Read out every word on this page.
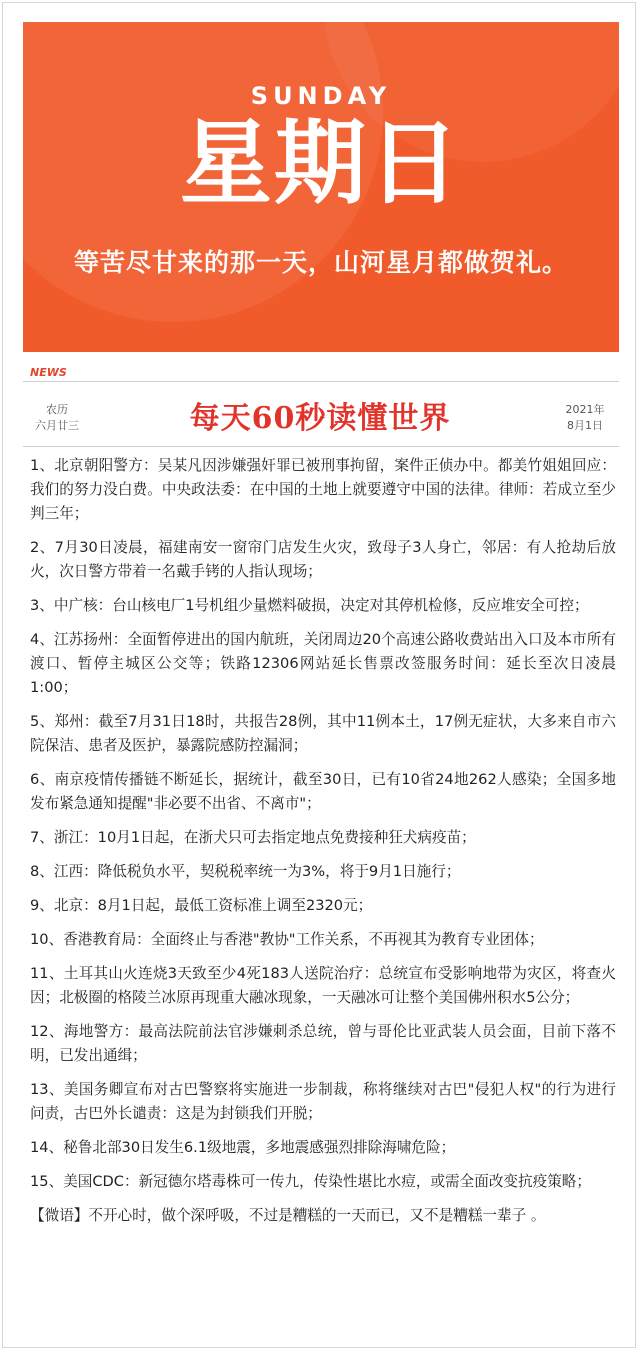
SUNDAY
星期日
等苦尽甘来的那一天，山河星月都做贺礼。
NEWS
农历
六月廿三	每天60秒读懂世界	2021年
8月1日

1、北京朝阳警方：吴某凡因涉嫌强奸罪已被刑事拘留，案件正侦办中。都美竹姐姐回应：我们的努力没白费。中央政法委：在中国的土地上就要遵守中国的法律。律师：若成立至少判三年；

2、7月30日凌晨，福建南安一窗帘门店发生火灾，致母子3人身亡，邻居：有人抢劫后放火，次日警方带着一名戴手铐的人指认现场；

3、中广核：台山核电厂1号机组少量燃料破损，决定对其停机检修，反应堆安全可控；

4、江苏扬州：全面暂停进出的国内航班，关闭周边20个高速公路收费站出入口及本市所有渡口、暂停主城区公交等；铁路12306网站延长售票改签服务时间：延长至次日凌晨1:00；

5、郑州：截至7月31日18时，共报告28例，其中11例本土，17例无症状，大多来自市六院保洁、患者及医护，暴露院感防控漏洞；

6、南京疫情传播链不断延长，据统计，截至30日，已有10省24地262人感染；全国多地发布紧急通知提醒"非必要不出省、不离市"；

7、浙江：10月1日起，在浙犬只可去指定地点免费接种狂犬病疫苗；

8、江西：降低税负水平，契税税率统一为3%，将于9月1日施行；

9、北京：8月1日起，最低工资标准上调至2320元；

10、香港教育局：全面终止与香港"教协"工作关系，不再视其为教育专业团体；

11、土耳其山火连烧3天致至少4死183人送院治疗：总统宣布受影响地带为灾区，将查火因；北极圈的格陵兰冰原再现重大融冰现象，一天融冰可让整个美国佛州积水5公分；

12、海地警方：最高法院前法官涉嫌刺杀总统，曾与哥伦比亚武装人员会面，目前下落不明，已发出通缉；

13、美国务卿宣布对古巴警察将实施进一步制裁，称将继续对古巴"侵犯人权"的行为进行问责，古巴外长谴责：这是为封锁我们开脱；

14、秘鲁北部30日发生6.1级地震，多地震感强烈排除海啸危险；

15、美国CDC：新冠德尔塔毒株可一传九，传染性堪比水痘，或需全面改变抗疫策略；

【微语】不开心时，做个深呼吸，不过是糟糕的一天而已，又不是糟糕一辈子 。
